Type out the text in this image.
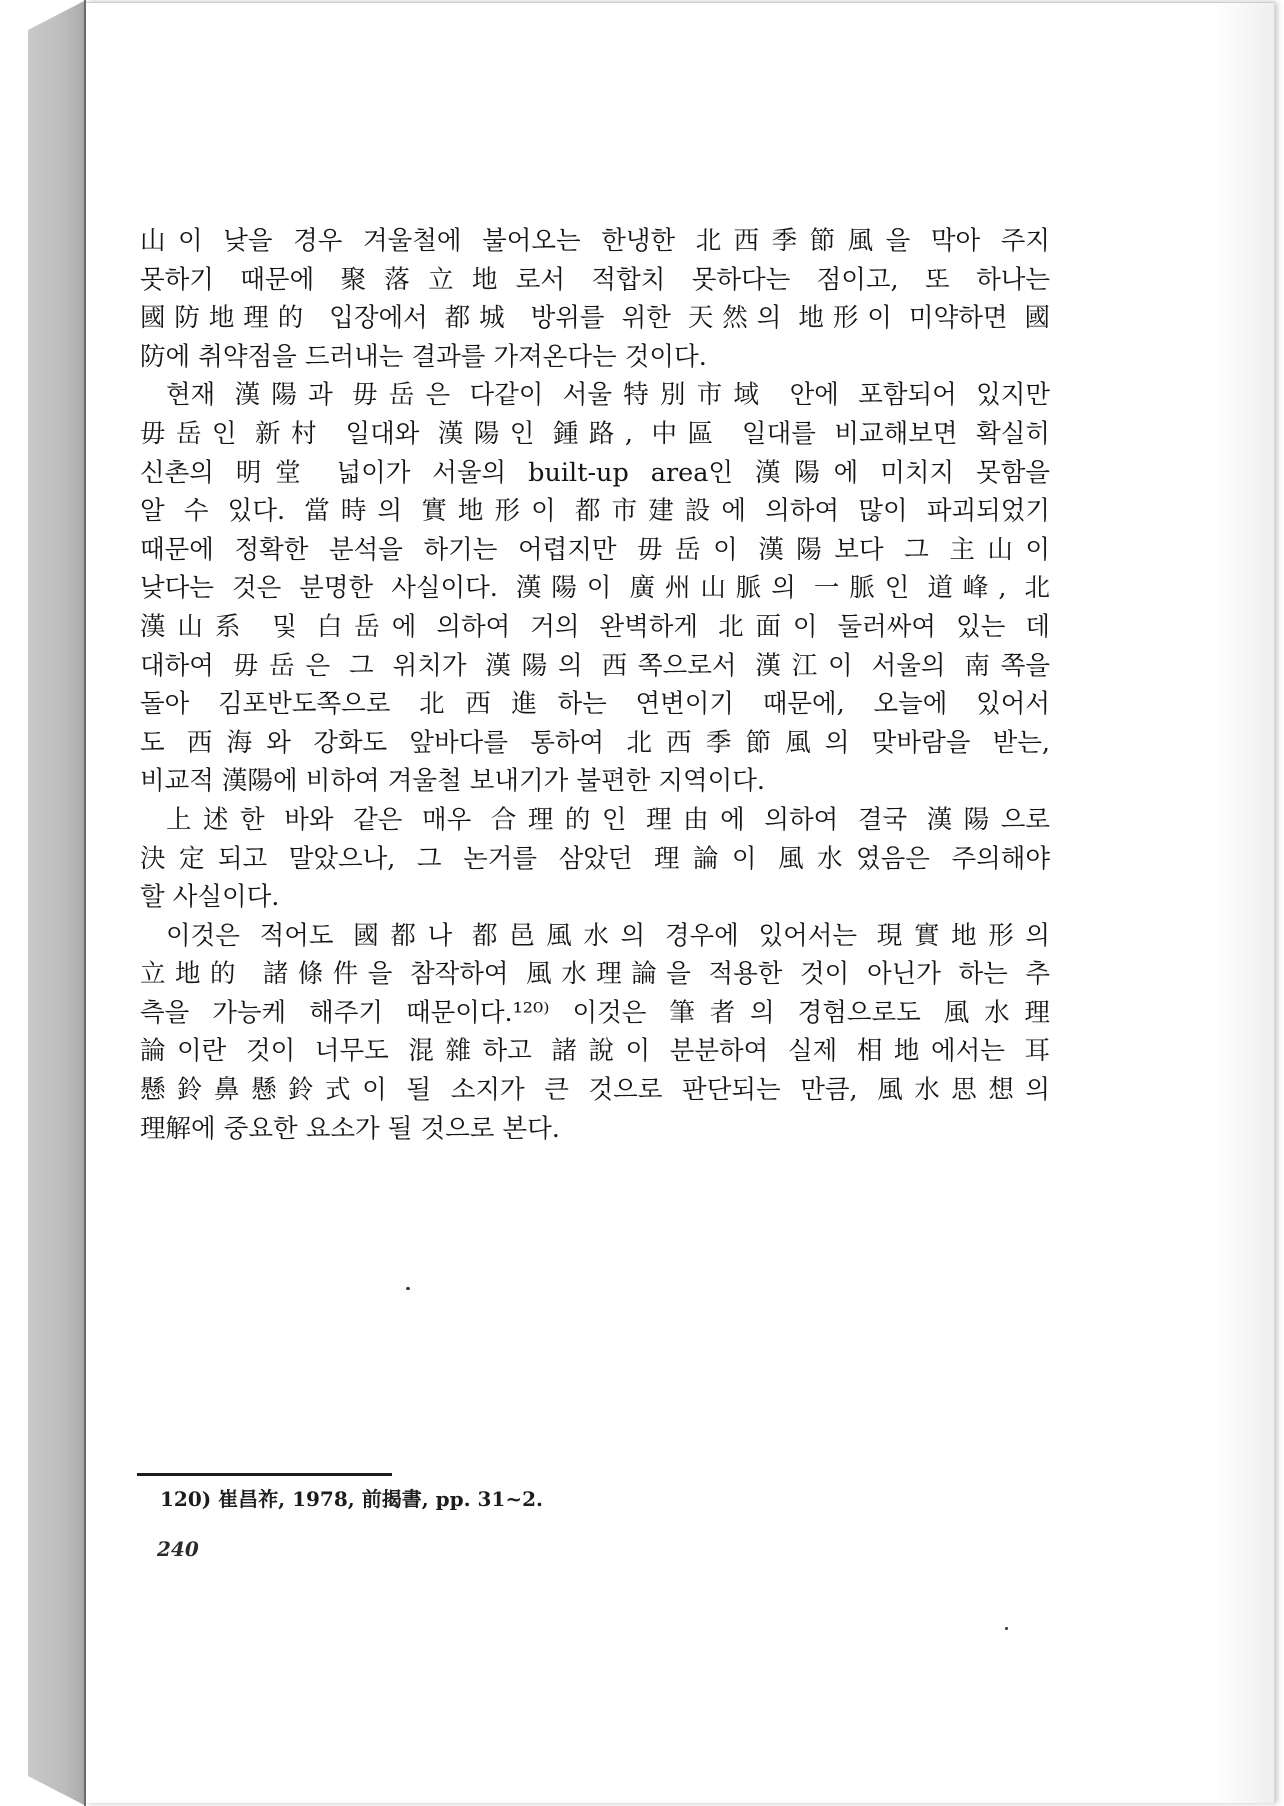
山이 낮을 경우 겨울철에 불어오는 한냉한 北西季節風을 막아 주지
못하기 때문에 聚落立地로서 적합치 못하다는 점이고, 또 하나는
國防地理的 입장에서 都城 방위를 위한 天然의 地形이 미약하면 國
防에 취약점을 드러내는 결과를 가져온다는 것이다.
현재 漢陽과 毋岳은 다같이 서울特別市域 안에 포함되어 있지만
毋岳인 新村 일대와 漢陽인 鍾路, 中區 일대를 비교해보면 확실히
신촌의 明堂 넓이가 서울의 built-up area인 漢陽에 미치지 못함을
알 수 있다. 當時의 實地形이 都市建設에 의하여 많이 파괴되었기
때문에 정확한 분석을 하기는 어렵지만 毋岳이 漢陽보다 그 主山이
낮다는 것은 분명한 사실이다. 漢陽이 廣州山脈의 一脈인 道峰, 北
漢山系 및 白岳에 의하여 거의 완벽하게 北面이 둘러싸여 있는 데
대하여 毋岳은 그 위치가 漢陽의 西쪽으로서 漢江이 서울의 南쪽을
돌아 김포반도쪽으로 北西進하는 연변이기 때문에, 오늘에 있어서
도 西海와 강화도 앞바다를 통하여 北西季節風의 맞바람을 받는,
비교적 漢陽에 비하여 겨울철 보내기가 불편한 지역이다.
上述한 바와 같은 매우 合理的인 理由에 의하여 결국 漢陽으로
決定되고 말았으나, 그 논거를 삼았던 理論이 風水였음은 주의해야
할 사실이다.
이것은 적어도 國都나 都邑風水의 경우에 있어서는 現實地形의
立地的 諸條件을 참작하여 風水理論을 적용한 것이 아닌가 하는 추
측을 가능케 해주기 때문이다.¹²⁰⁾ 이것은 筆者의 경험으로도 風水理
論이란 것이 너무도 混雜하고 諸說이 분분하여 실제 相地에서는 耳
懸鈴鼻懸鈴式이 될 소지가 큰 것으로 판단되는 만큼, 風水思想의
理解에 중요한 요소가 될 것으로 본다.
120) 崔昌祚, 1978, 前揭書, pp. 31~2.
240
